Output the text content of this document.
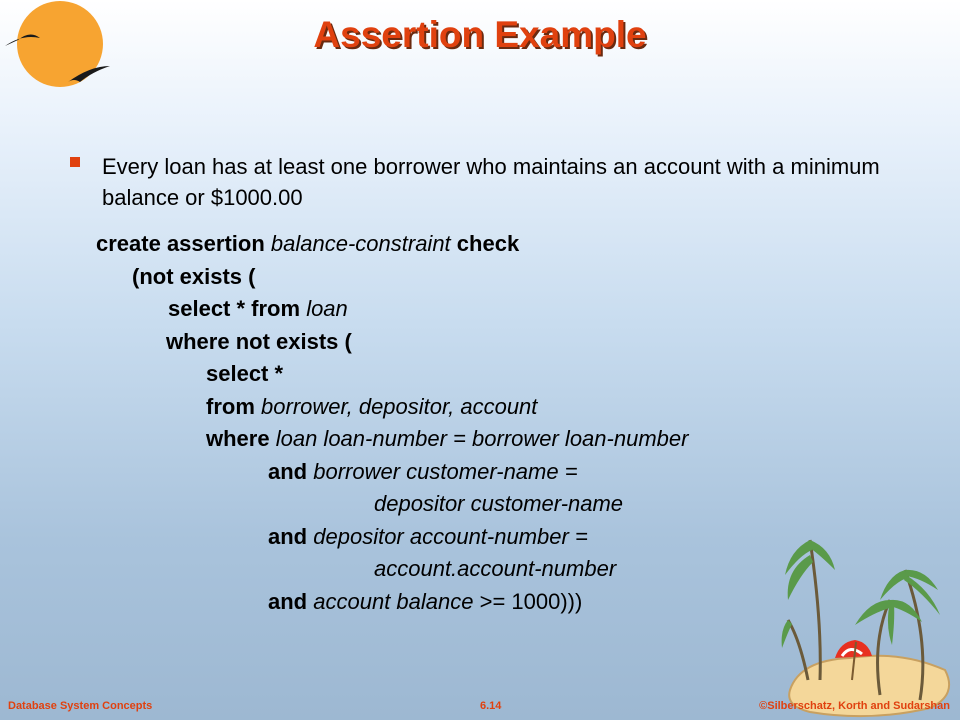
Assertion Example
Every loan has at least one borrower who maintains an account with a minimum balance or $1000.00
create assertion balance-constraint check
(not exists (
select * from loan
where not exists (
select *
from borrower, depositor, account
where loan loan-number = borrower loan-number
and borrower customer-name =
depositor customer-name
and depositor account-number =
account.account-number
and account balance >= 1000)))
Database System Concepts	6.14	©Silberschatz, Korth and Sudarshan
